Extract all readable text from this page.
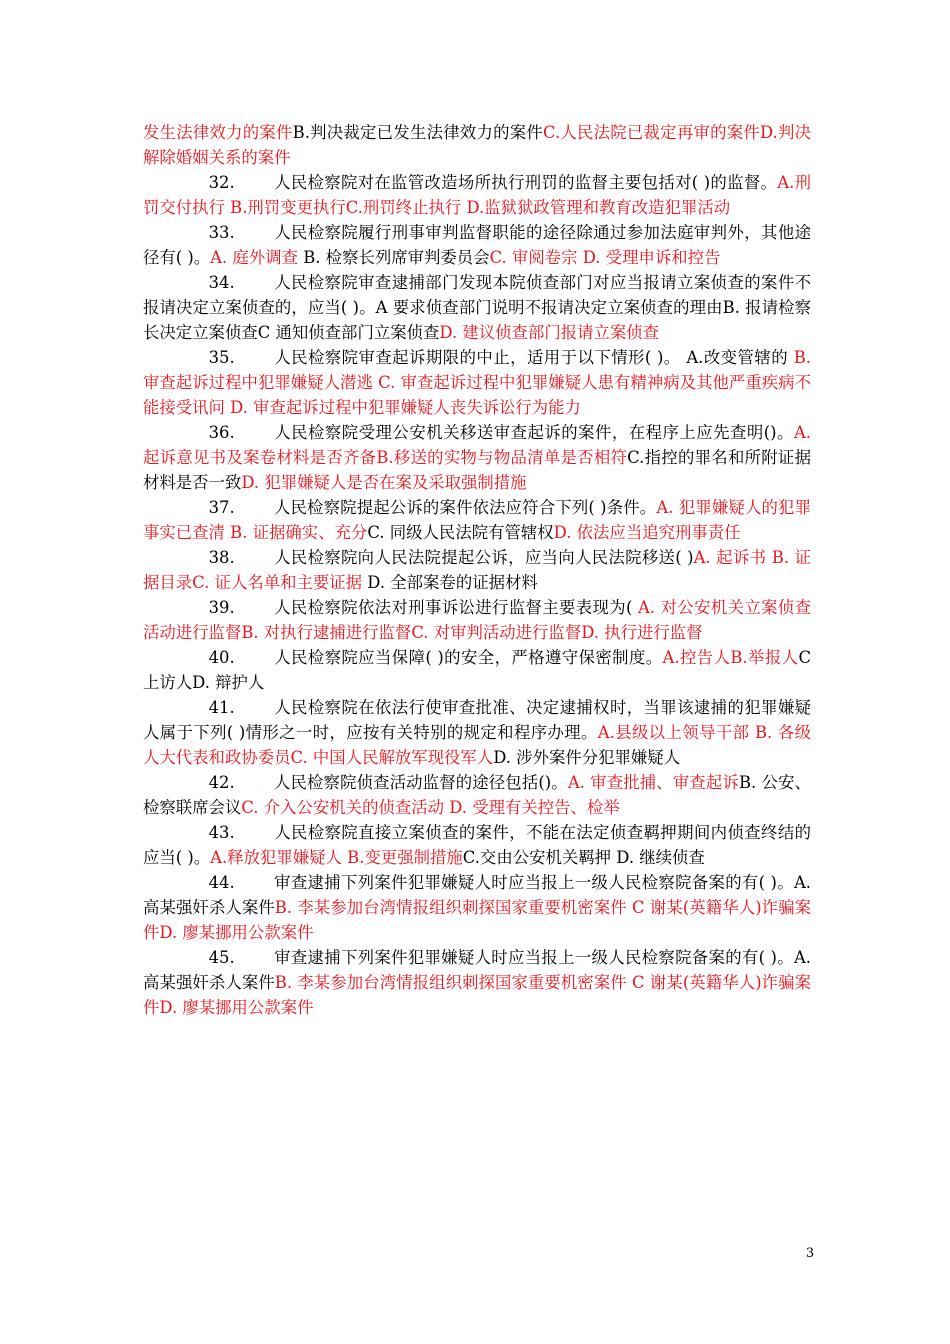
发生法律效力的案件B.判决裁定已发生法律效力的案件C.人民法院已裁定再审的案件D.判决解除婚姻关系的案件

32. 人民检察院对在监管改造场所执行刑罚的监督主要包括对( )的监督。A.刑罚交付执行 B.刑罚变更执行C.刑罚终止执行 D.监狱狱政管理和教育改造犯罪活动

33. 人民检察院履行刑事审判监督职能的途径除通过参加法庭审判外，其他途径有( )。A. 庭外调查 B. 检察长列席审判委员会C. 审阅卷宗 D. 受理申诉和控告

34. 人民检察院审查逮捕部门发现本院侦查部门对应当报请立案侦查的案件不报请决定立案侦查的，应当( )。A 要求侦查部门说明不报请决定立案侦查的理由B. 报请检察长决定立案侦查C 通知侦查部门立案侦查D. 建议侦查部门报请立案侦查

35. 人民检察院审查起诉期限的中止，适用于以下情形( )。 A.改变管辖的 B. 审查起诉过程中犯罪嫌疑人潜逃 C. 审查起诉过程中犯罪嫌疑人患有精神病及其他严重疾病不能接受讯问 D. 审查起诉过程中犯罪嫌疑人丧失诉讼行为能力

36. 人民检察院受理公安机关移送审查起诉的案件，在程序上应先查明()。A.起诉意见书及案卷材料是否齐备B.移送的实物与物品清单是否相符C.指控的罪名和所附证据材料是否一致D. 犯罪嫌疑人是否在案及采取强制措施

37. 人民检察院提起公诉的案件依法应符合下列( )条件。A. 犯罪嫌疑人的犯罪事实已查清 B. 证据确实、充分C. 同级人民法院有管辖权D. 依法应当追究刑事责任

38. 人民检察院向人民法院提起公诉，应当向人民法院移送( )A. 起诉书 B. 证据目录C. 证人名单和主要证据 D. 全部案卷的证据材料

39. 人民检察院依法对刑事诉讼进行监督主要表现为( A. 对公安机关立案侦查活动进行监督B. 对执行逮捕进行监督C. 对审判活动进行监督D. 执行进行监督

40. 人民检察院应当保障( )的安全，严格遵守保密制度。A.控告人B.举报人C 上访人D. 辩护人

41. 人民检察院在依法行使审查批准、决定逮捕权时，当罪该逮捕的犯罪嫌疑人属于下列( )情形之一时，应按有关特别的规定和程序办理。A.县级以上领导干部 B. 各级人大代表和政协委员C. 中国人民解放军现役军人D. 涉外案件分犯罪嫌疑人

42. 人民检察院侦查活动监督的途径包括()。A. 审查批捕、审查起诉B. 公安、检察联席会议C. 介入公安机关的侦查活动 D. 受理有关控告、检举

43. 人民检察院直接立案侦查的案件，不能在法定侦查羁押期间内侦查终结的应当( )。A.释放犯罪嫌疑人 B.变更强制措施C.交由公安机关羁押 D. 继续侦查

44. 审查逮捕下列案件犯罪嫌疑人时应当报上一级人民检察院备案的有( )。A. 高某强奸杀人案件B. 李某参加台湾情报组织刺探国家重要机密案件 C 谢某(英籍华人)诈骗案件D. 廖某挪用公款案件

45. 审查逮捕下列案件犯罪嫌疑人时应当报上一级人民检察院备案的有( )。A. 高某强奸杀人案件B. 李某参加台湾情报组织刺探国家重要机密案件 C 谢某(英籍华人)诈骗案件D. 廖某挪用公款案件

3
